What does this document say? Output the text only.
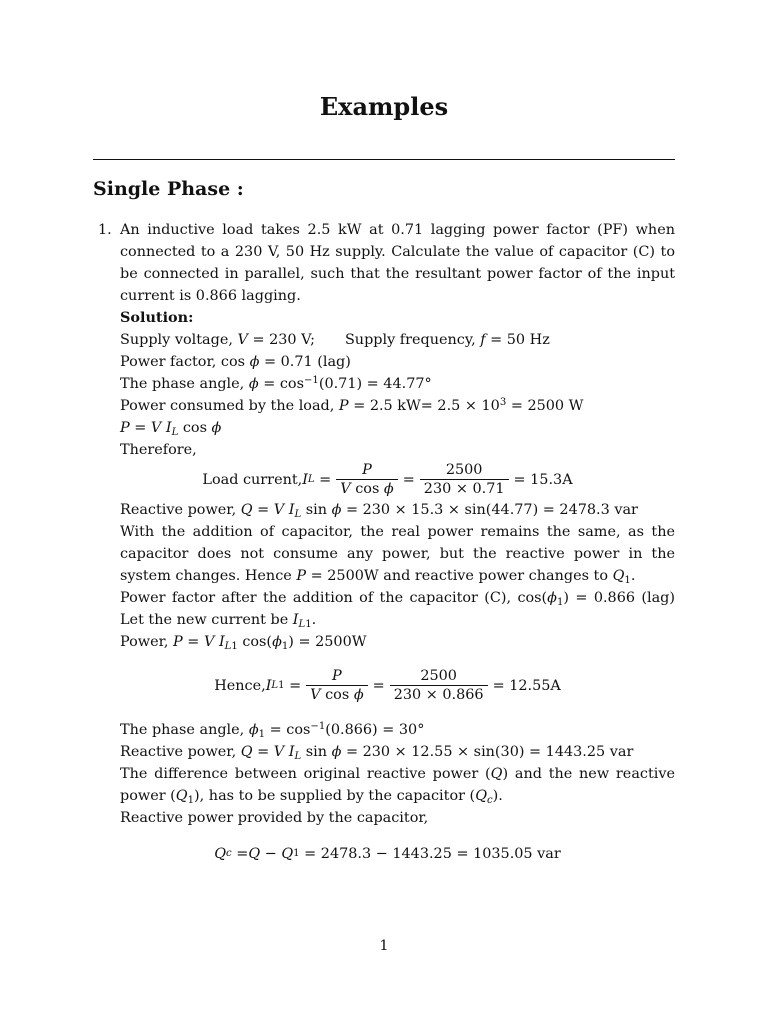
Examples
Single Phase :
1. An inductive load takes 2.5 kW at 0.71 lagging power factor (PF) when connected to a 230 V, 50 Hz supply. Calculate the value of capacitor (C) to be connected in parallel, such that the resultant power factor of the input current is 0.866 lagging.

Solution:

Supply voltage, V = 230 V; Supply frequency, f = 50 Hz

Power factor, cos ϕ = 0.71 (lag)

The phase angle, $\phi = \cos^{-1}(0.71) = 44.77^\circ$

Power consumed by the load, P = 2.5 $kW= 2.5 \times 10^3 = 2500$ W

P = V $I_L$ cos ϕ

Therefore,

Load current, I $L = \frac{P}{\text{V cos ϕ}} = \frac{2500}{230 \times 0.71} = 15.3A$

Reactive power, Q = V $I_L$ sin ϕ = 230 × 15.3 × sin(44.77) = 2478.3 var

With the addition of capacitor, the real power remains the same, as the capacitor does not consume any power, but the reactive power in the system changes. Hence P = 2500W and reactive power changes to $Q_1$.

Power factor after the addition of the capacitor (C), $\cos(\phi_1) = 0.866$ (lag) Let the new current be $I_{L1}$.

Power, P = V $I_{L1}$ $\cos(\phi_1) = 2500W$

Hence, I $L1 = \frac{P}{\text{V cos ϕ}} = \frac{2500}{230 \times 0.866} = 12.55A$

The phase angle, $\phi_1 = \cos^{-1}(0.866) = 30^\circ$

Reactive power, Q = V $I_L$ sin ϕ = 230 × 12.55 × sin(30) = 1443.25 var

The difference between original reactive power (Q) and the new reactive power $(Q_1)$, has to be supplied by the capacitor $(Q_c)$.

Reactive power provided by the capacitor,

Q c = Q − Q 1
= 2478.3 − 1443.25 = 1035.05 var
1
